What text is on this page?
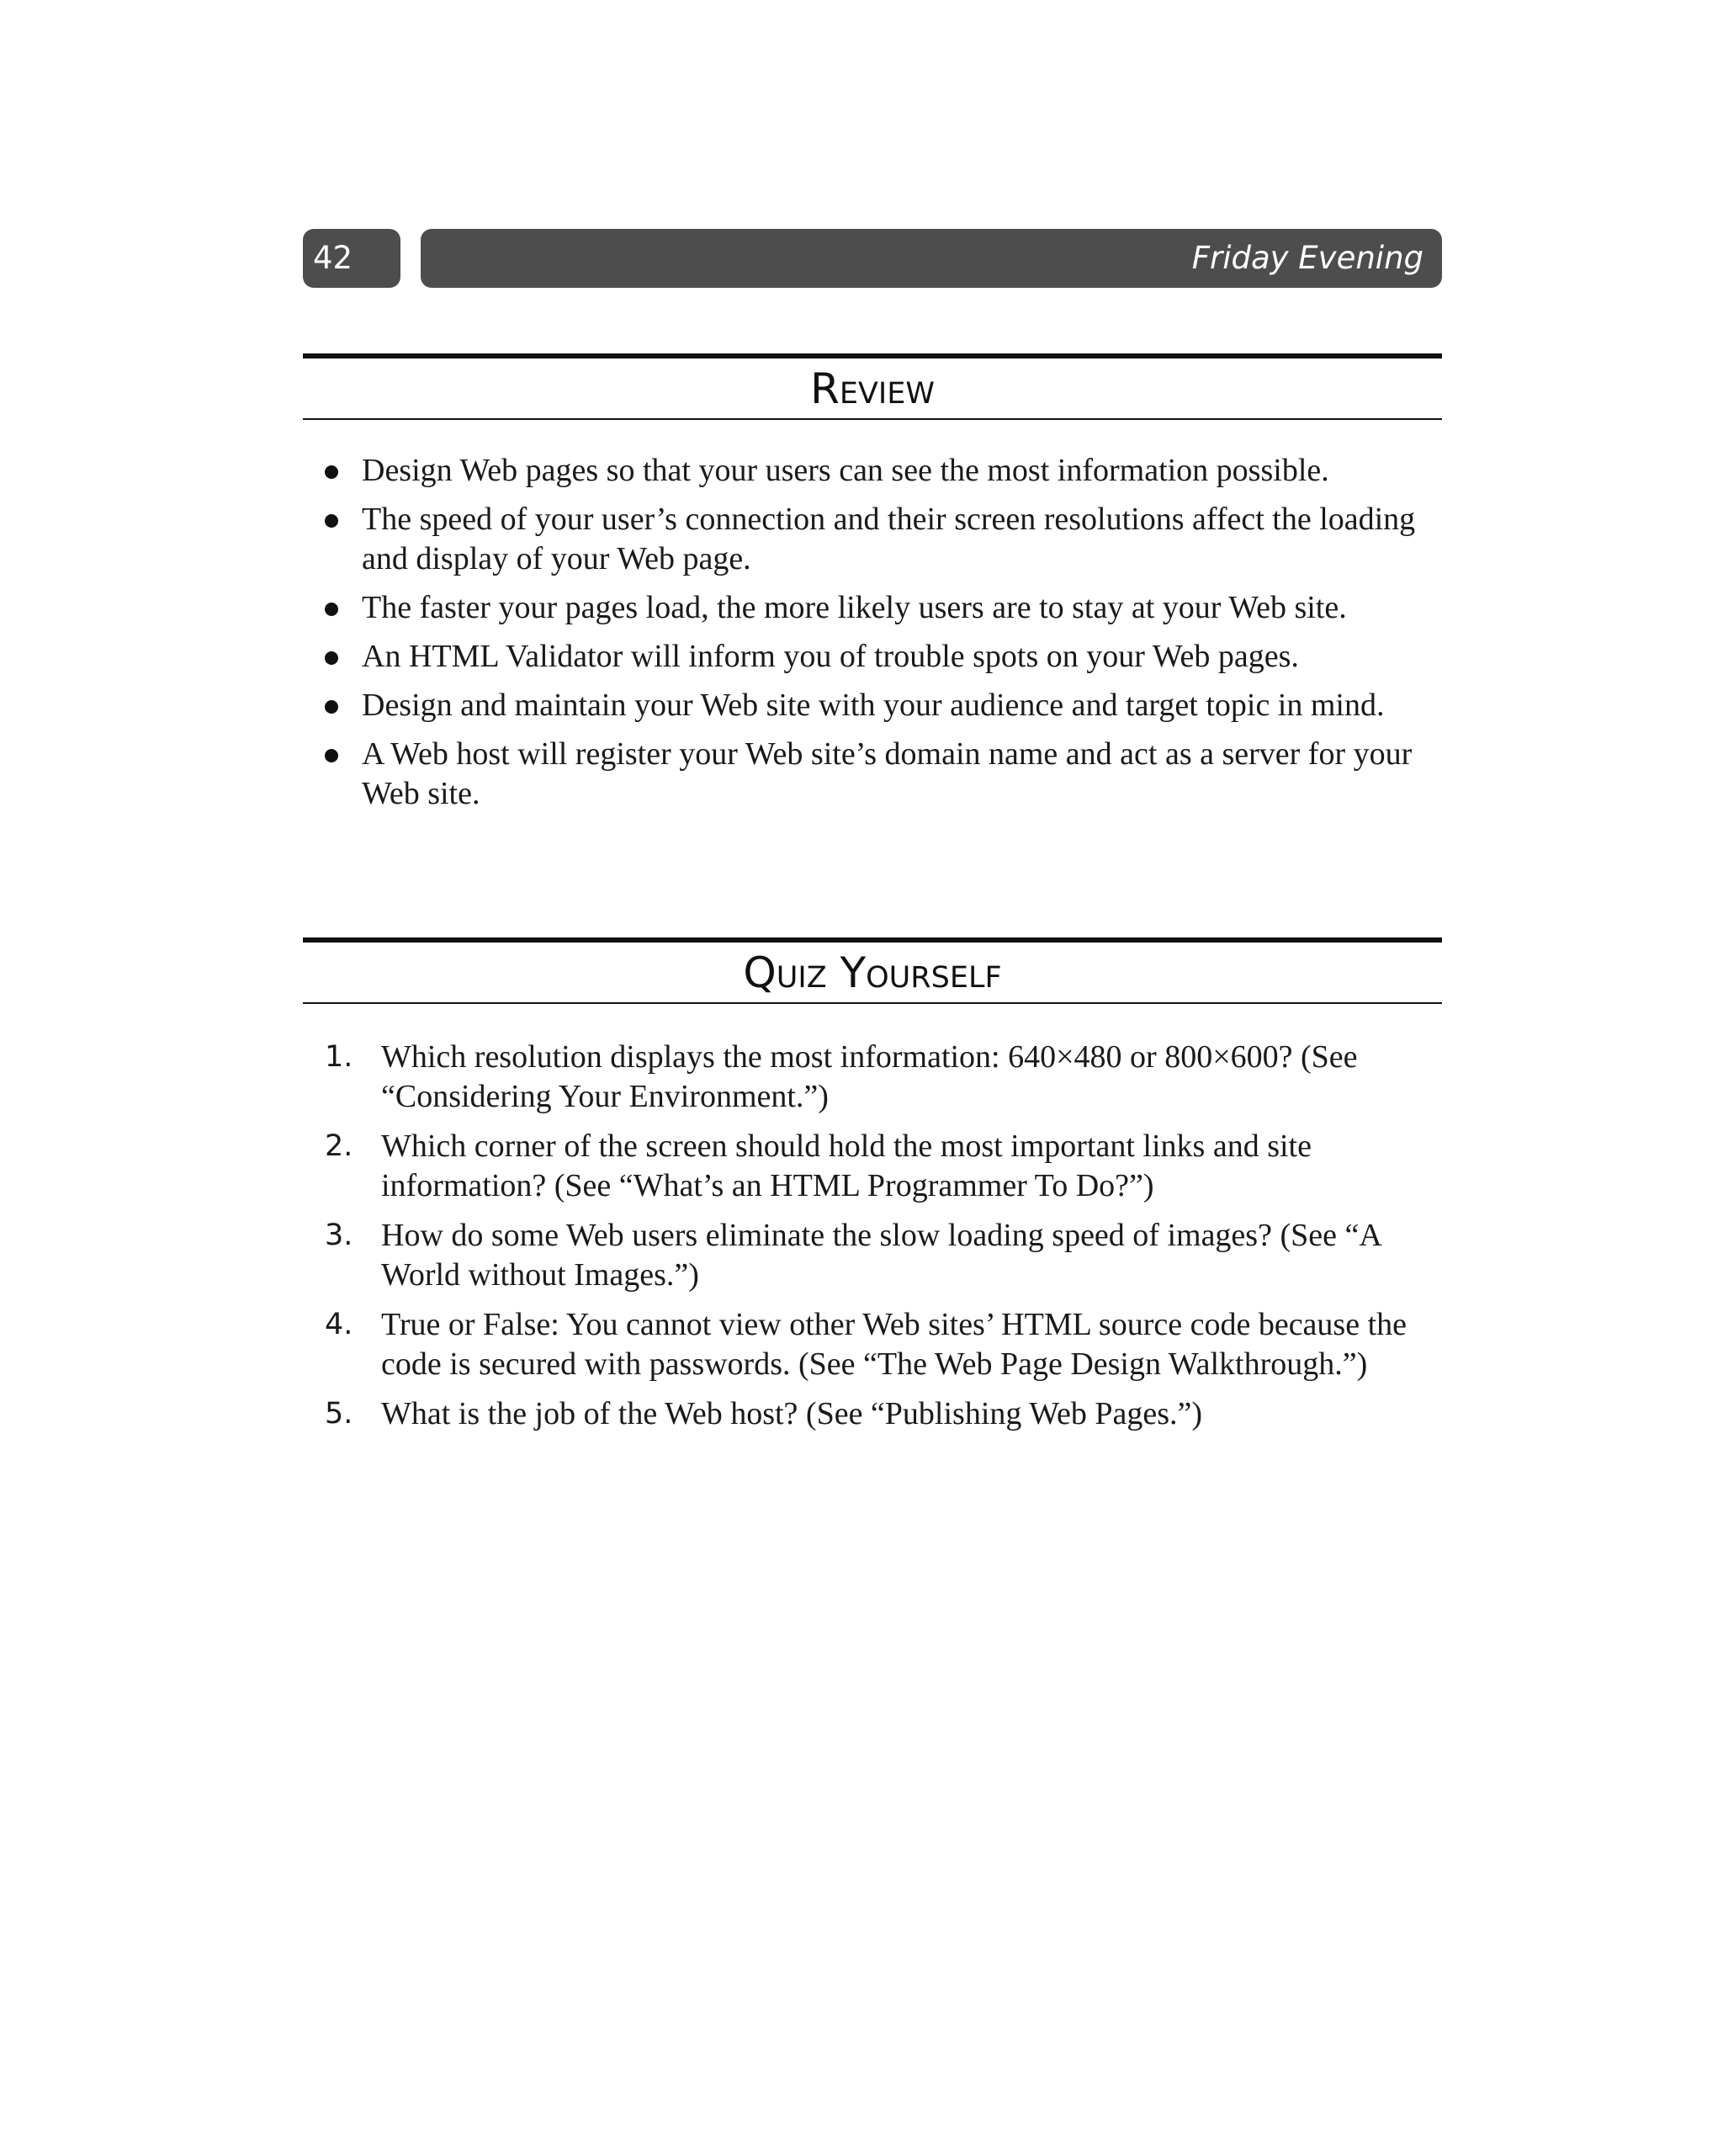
42	Friday Evening
Review
Design Web pages so that your users can see the most information possible.
The speed of your user’s connection and their screen resolutions affect the loading and display of your Web page.
The faster your pages load, the more likely users are to stay at your Web site.
An HTML Validator will inform you of trouble spots on your Web pages.
Design and maintain your Web site with your audience and target topic in mind.
A Web host will register your Web site’s domain name and act as a server for your Web site.
Quiz Yourself
1. Which resolution displays the most information: 640×480 or 800×600? (See “Considering Your Environment.”)
2. Which corner of the screen should hold the most important links and site information? (See “What’s an HTML Programmer To Do?”)
3. How do some Web users eliminate the slow loading speed of images? (See “A World without Images.”)
4. True or False: You cannot view other Web sites’ HTML source code because the code is secured with passwords. (See “The Web Page Design Walkthrough.”)
5. What is the job of the Web host? (See “Publishing Web Pages.”)
